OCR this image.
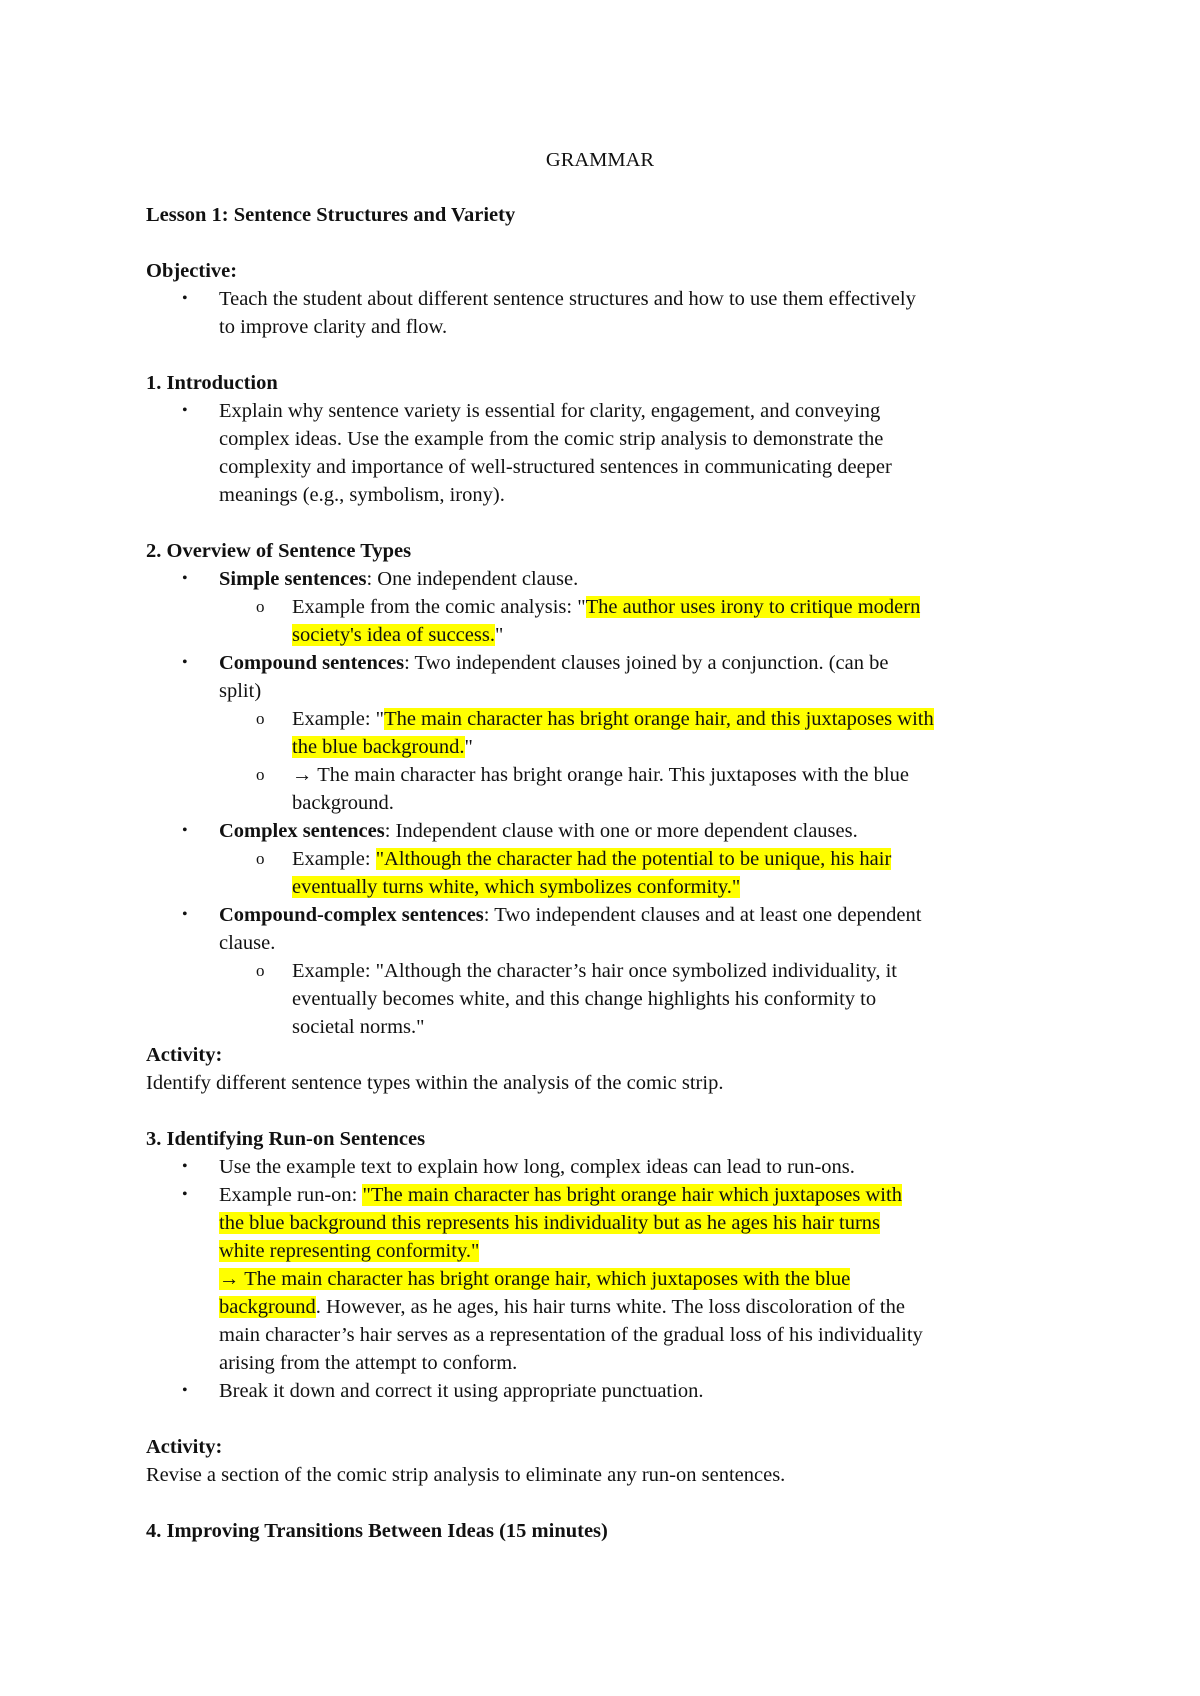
GRAMMAR
Lesson 1: Sentence Structures and Variety
Objective:
• Teach the student about different sentence structures and how to use them effectively
to improve clarity and flow.
1. Introduction
• Explain why sentence variety is essential for clarity, engagement, and conveying
complex ideas. Use the example from the comic strip analysis to demonstrate the
complexity and importance of well-structured sentences in communicating deeper
meanings (e.g., symbolism, irony).
2. Overview of Sentence Types
• Simple sentences: One independent clause.
o Example from the comic analysis: "The author uses irony to critique modern
society's idea of success."
• Compound sentences: Two independent clauses joined by a conjunction. (can be
split)
o Example: "The main character has bright orange hair, and this juxtaposes with
the blue background."
o → The main character has bright orange hair. This juxtaposes with the blue
background.
• Complex sentences: Independent clause with one or more dependent clauses.
o Example: "Although the character had the potential to be unique, his hair
eventually turns white, which symbolizes conformity."
• Compound-complex sentences: Two independent clauses and at least one dependent
clause.
o Example: "Although the character’s hair once symbolized individuality, it
eventually becomes white, and this change highlights his conformity to
societal norms."
Activity:
Identify different sentence types within the analysis of the comic strip.
3. Identifying Run-on Sentences
• Use the example text to explain how long, complex ideas can lead to run-ons.
• Example run-on: "The main character has bright orange hair which juxtaposes with
the blue background this represents his individuality but as he ages his hair turns
white representing conformity."
→ The main character has bright orange hair, which juxtaposes with the blue
background. However, as he ages, his hair turns white. The loss discoloration of the
main character’s hair serves as a representation of the gradual loss of his individuality
arising from the attempt to conform.
• Break it down and correct it using appropriate punctuation.
Activity:
Revise a section of the comic strip analysis to eliminate any run-on sentences.
4. Improving Transitions Between Ideas (15 minutes)
